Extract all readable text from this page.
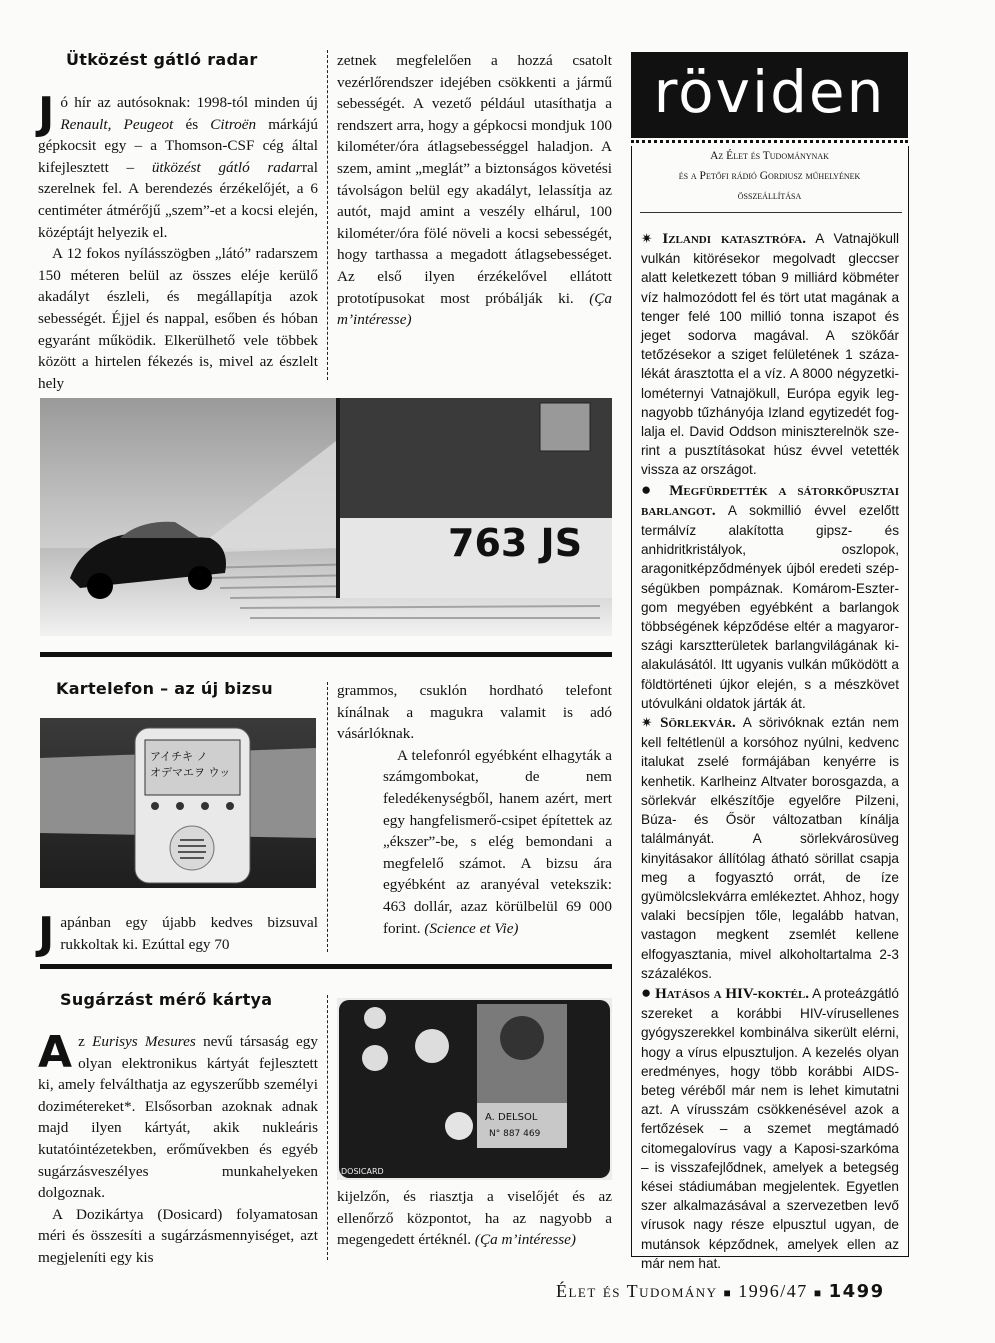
Ütközést gátló radar
J ó hír az autósoknak: 1998-tól minden új Renault, Peugeot és Citroën márkájú gépkocsit egy – a Thomson-CSF cég által kifejlesztett – ütközést gátló radarral szerelnek fel. A berendezés érzékelőjét, a 6 centiméter átmérőjű „szem”-et a kocsi elején, középtájt helyezik el.

A 12 fokos nyílásszögben „látó” radarszem 150 méteren belül az összes eléje kerülő akadályt észleli, és megállapítja azok sebességét. Éjjel és nappal, esőben és hóban egyaránt működik. Elkerülhető vele többek között a hirtelen fékezés is, mivel az észlelt hely

zetnek megfelelően a hozzá csatolt vezérlőrendszer idejében csökkenti a jármű sebességét. A vezető például utasíthatja a rendszert arra, hogy a gépkocsi mondjuk 100 kilométer/óra átlagsebességgel haladjon. A szem, amint „meglát” a biztonságos követési távolságon belül egy akadályt, lelassítja az autót, majd amint a veszély elhárul, 100 kilométer/óra fölé növeli a kocsi sebességét, hogy tarthassa a megadott átlagsebességet. Az első ilyen érzékelővel ellátott prototípusokat most próbálják ki. (Ça m’intéresse)

763 JS
Kartelefon – az új bizsu
アイチキ ノ
オデマエヲ ウッ
J apánban egy újabb kedves bizsuval rukkoltak ki. Ezúttal egy 70

grammos, csuklón hordható telefont kínálnak a magukra valamit is adó vásárlóknak.

A telefonról egyébként elhagyták a számgombokat, de nem feledékenységből, hanem azért, mert egy hangfelismerő-csipet építettek az „ékszer”-be, s elég bemondani a megfelelő számot. A bizsu ára egyébként az aranyéval vetekszik: 463 dollár, azaz körülbelül 69 000 forint. (Science et Vie)

Sugárzást mérő kártya
A z Eurisys Mesures nevű társaság egy olyan elektronikus kártyát fejlesztett ki, amely felválthatja az egyszerűbb személyi dozimétereket*. Elsősorban azoknak adnak majd ilyen kártyát, akik nukleáris kutatóintézetekben, erőművekben és egyéb sugárzásveszélyes munkahelyeken dolgoznak.

A Dozikártya (Dosicard) folyamatosan méri és összesíti a sugárzásmennyiséget, azt megjeleníti egy kis

A. DELSOL
N° 887 469
DOSICARD

kijelzőn, és riasztja a viselőjét és az ellenőrző központot, ha az nagyobb a megengedett értéknél. (Ça m’intéresse)

röviden
Az Élet és Tudománynak
és a Petőfi rádió Gordiusz műhelyének
összeállítása

✷ Izlandi katasztrófa. A Vatnajökull vulkán kitörésekor megolvadt gleccser alatt keletkezett tóban 9 milliárd köbméter víz halmozódott fel és tört utat magának a tenger felé 100 millió tonna iszapot és jeget sodorva magával. A szökőár tetőzésekor a sziget felületének 1 százalékát árasztotta el a víz. A 8000 négyzetkilométernyi Vatnajökull, Európa egyik legnagyobb tűzhányója Izland egytizedét foglalja el. David Oddson miniszterelnök szerint a pusztításokat húsz évvel vetették vissza az országot.

● Megfürdették a sátorkőpusztai barlangot. A sokmillió évvel ezelőtt termálvíz alakította gipsz- és anhidritkristályok, oszlopok, aragonitképződmények újból eredeti szépségükben pompáznak. Komárom-Esztergom megyében egyébként a barlangok többségének képződése eltér a magyarországi karsztterületek barlangvilágának kialakulásától. Itt ugyanis vulkán működött a földtörténeti újkor elején, s a mészkövet utóvulkáni oldatok járták át.

✷ Sörlekvár. A sörivóknak eztán nem kell feltétlenül a korsóhoz nyúlni, kedvenc italukat zselé formájában kenyérre is kenhetik. Karlheinz Altvater borosgazda, a sörlekvár elkészítője egyelőre Pilzeni, Búza- és Ősör változatban kínálja találmányát. A sörlekvárosüveg kinyitásakor állítólag átható sörillat csapja meg a fogyasztó orrát, de íze gyümölcslekvárra emlékeztet. Ahhoz, hogy valaki becsípjen tőle, legalább hatvan, vastagon megkent zsemlét kellene elfogyasztania, mivel alkoholtartalma 2-3 százalékos.

● Hatásos a HIV-koktél. A proteázgátló szereket a korábbi HIV-vírusellenes gyógyszerekkel kombinálva sikerült elérni, hogy a vírus elpusztuljon. A kezelés olyan eredményes, hogy több korábbi AIDS-beteg véréből már nem is lehet kimutatni azt. A vírusszám csökkenésével azok a fertőzések – a szemet megtámadó citomegalovírus vagy a Kaposi-szarkóma – is visszafejlődnek, amelyek a betegség kései stádiumában megjelentek. Egyetlen szer alkalmazásával a szervezetben levő vírusok nagy része elpusztul ugyan, de mutánsok képződnek, amelyek ellen az már nem hat.

Élet és Tudomány ■ 1996/47 ■ 1499
